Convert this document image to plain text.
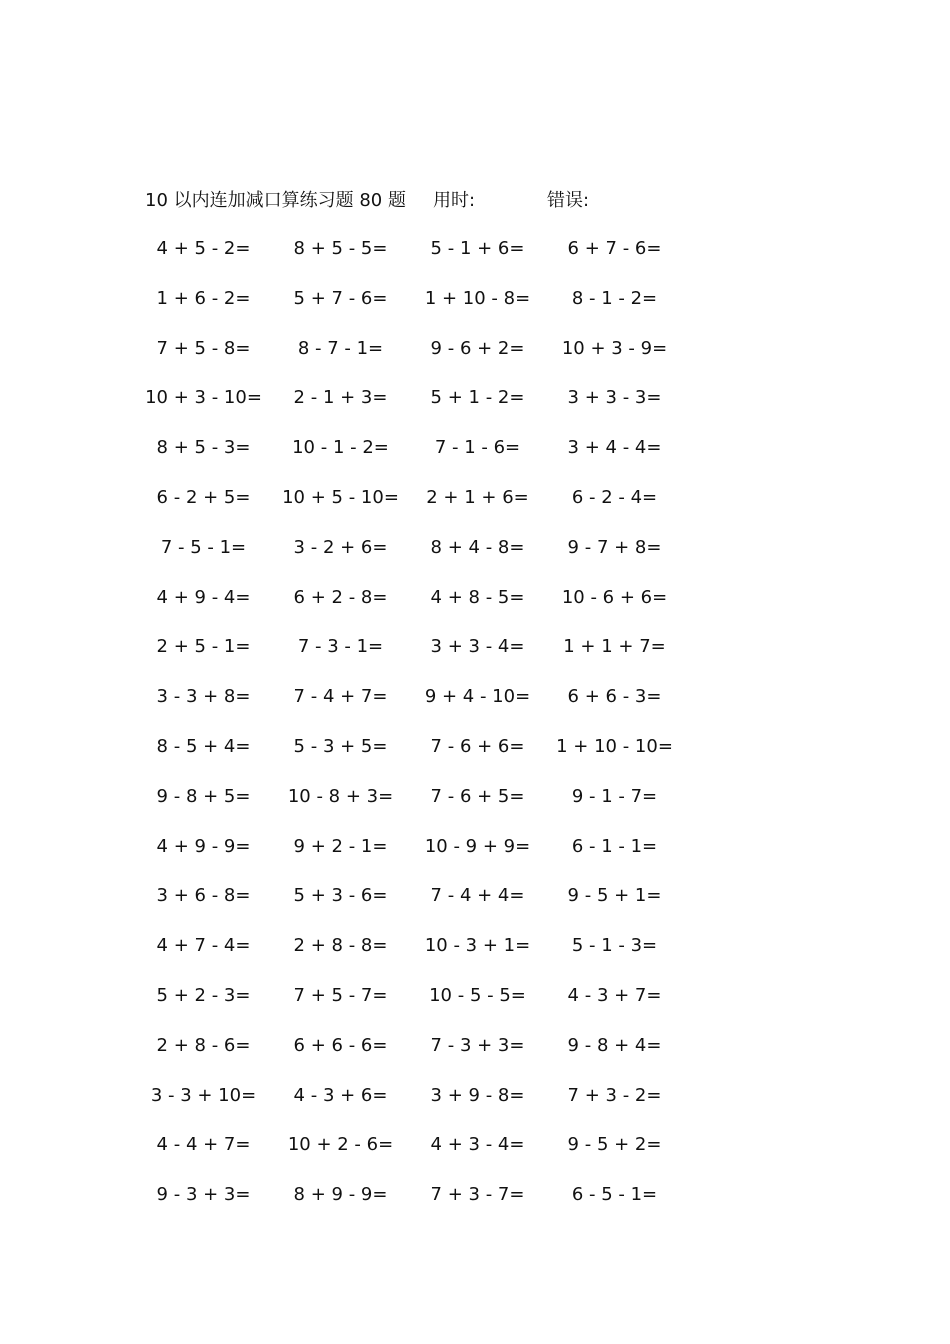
10 以内连加减口算练习题 80 题 用时:	错误:
4 + 5 - 2=	8 + 5 - 5=	5 - 1 + 6=	6 + 7 - 6=
1 + 6 - 2=	5 + 7 - 6=	1 + 10 - 8=	8 - 1 - 2=
7 + 5 - 8=	8 - 7 - 1=	9 - 6 + 2=	10 + 3 - 9=
10 + 3 - 10=	2 - 1 + 3=	5 + 1 - 2=	3 + 3 - 3=
8 + 5 - 3=	10 - 1 - 2=	7 - 1 - 6=	3 + 4 - 4=
6 - 2 + 5=	10 + 5 - 10=	2 + 1 + 6=	6 - 2 - 4=
7 - 5 - 1=	3 - 2 + 6=	8 + 4 - 8=	9 - 7 + 8=
4 + 9 - 4=	6 + 2 - 8=	4 + 8 - 5=	10 - 6 + 6=
2 + 5 - 1=	7 - 3 - 1=	3 + 3 - 4=	1 + 1 + 7=
3 - 3 + 8=	7 - 4 + 7=	9 + 4 - 10=	6 + 6 - 3=
8 - 5 + 4=	5 - 3 + 5=	7 - 6 + 6=	1 + 10 - 10=
9 - 8 + 5=	10 - 8 + 3=	7 - 6 + 5=	9 - 1 - 7=
4 + 9 - 9=	9 + 2 - 1=	10 - 9 + 9=	6 - 1 - 1=
3 + 6 - 8=	5 + 3 - 6=	7 - 4 + 4=	9 - 5 + 1=
4 + 7 - 4=	2 + 8 - 8=	10 - 3 + 1=	5 - 1 - 3=
5 + 2 - 3=	7 + 5 - 7=	10 - 5 - 5=	4 - 3 + 7=
2 + 8 - 6=	6 + 6 - 6=	7 - 3 + 3=	9 - 8 + 4=
3 - 3 + 10=	4 - 3 + 6=	3 + 9 - 8=	7 + 3 - 2=
4 - 4 + 7=	10 + 2 - 6=	4 + 3 - 4=	9 - 5 + 2=
9 - 3 + 3=	8 + 9 - 9=	7 + 3 - 7=	6 - 5 - 1=
